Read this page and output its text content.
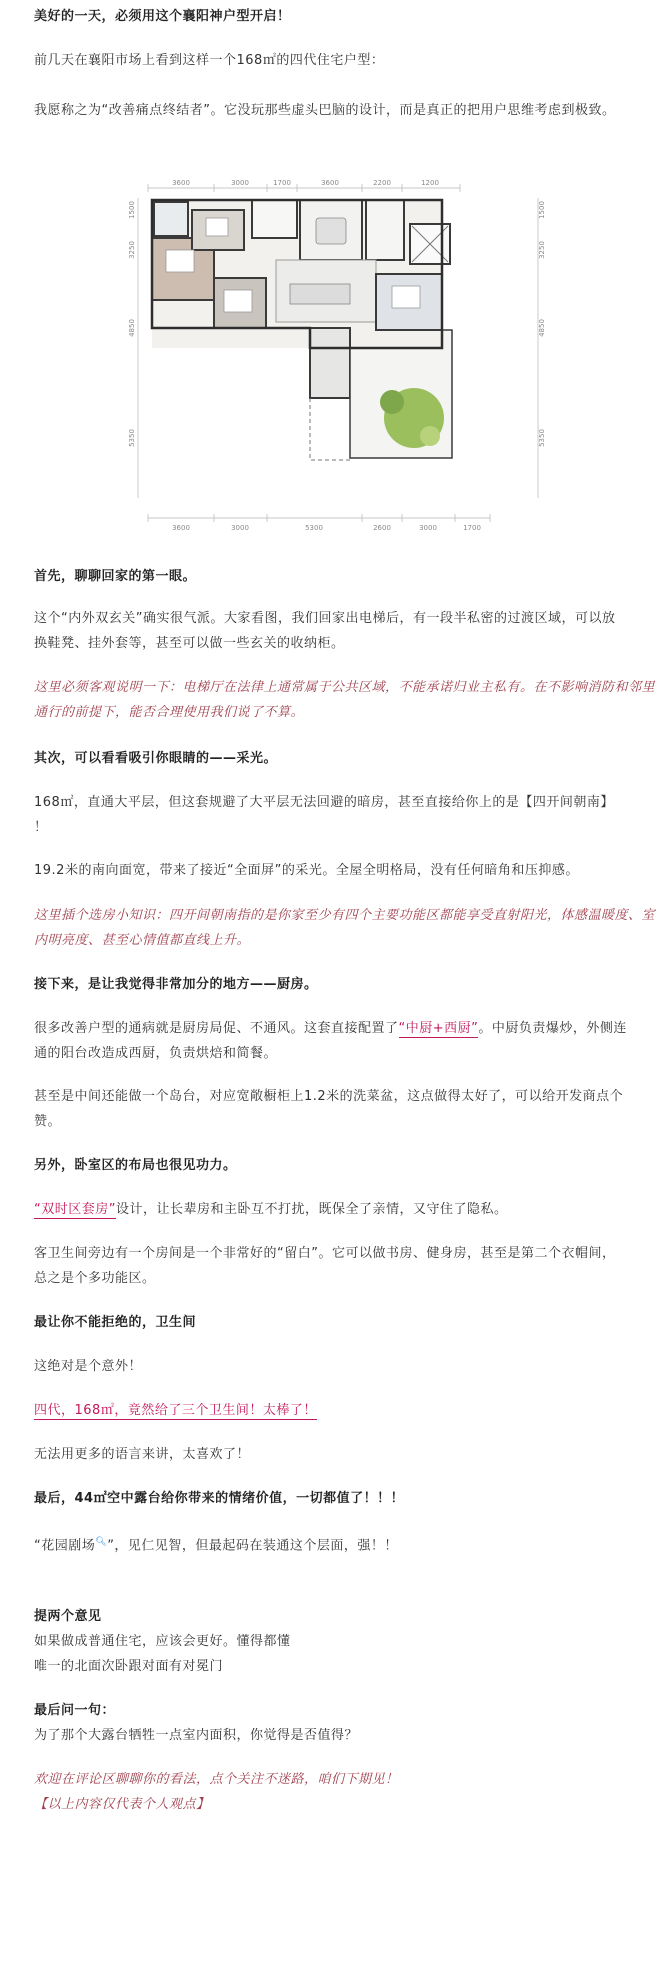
美好的一天，必须用这个襄阳神户型开启！
前几天在襄阳市场上看到这样一个168㎡的四代住宅户型：
我愿称之为“改善痛点终结者”。它没玩那些虚头巴脑的设计，而是真正的把用户思维考虑到极致。
3600	3000	1700	3600	2200	1200
3600	3000	5300	2600	3000	1700
1500
3250
4850
5350
1500
3250
4850
5350
首先，聊聊回家的第一眼。
这个“内外双玄关”确实很气派。大家看图，我们回家出电梯后，有一段半私密的过渡区域，可以放
换鞋凳、挂外套等，甚至可以做一些玄关的收纳柜。
这里必须客观说明一下：电梯厅在法律上通常属于公共区域，不能承诺归业主私有。在不影响消防和邻里
通行的前提下，能否合理使用我们说了不算。
其次，可以看看吸引你眼睛的——采光。
168㎡，直通大平层，但这套规避了大平层无法回避的暗房，甚至直接给你上的是【四开间朝南】
！
19.2米的南向面宽，带来了接近“全面屏”的采光。全屋全明格局，没有任何暗角和压抑感。
这里插个选房小知识：四开间朝南指的是你家至少有四个主要功能区都能享受直射阳光，体感温暖度、室
内明亮度、甚至心情值都直线上升。
接下来，是让我觉得非常加分的地方——厨房。
很多改善户型的通病就是厨房局促、不通风。这套直接配置了“中厨+西厨”。中厨负责爆炒，外侧连
通的阳台改造成西厨，负责烘焙和简餐。
甚至是中间还能做一个岛台，对应宽敞橱柜上1.2米的洗菜盆，这点做得太好了，可以给开发商点个
赞。
另外，卧室区的布局也很见功力。
“双时区套房”设计，让长辈房和主卧互不打扰，既保全了亲情，又守住了隐私。
客卫生间旁边有一个房间是一个非常好的“留白”。它可以做书房、健身房，甚至是第二个衣帽间，
总之是个多功能区。
最让你不能拒绝的，卫生间
这绝对是个意外！
四代，168㎡，竟然给了三个卫生间！太棒了！
无法用更多的语言来讲，太喜欢了！
最后，44㎡空中露台给你带来的情绪价值，一切都值了！！！
“花园剧场🔍︎”，见仁见智，但最起码在装通这个层面，强！！
提两个意见
如果做成普通住宅，应该会更好。懂得都懂
唯一的北面次卧跟对面有对冕门
最后问一句：
为了那个大露台牺牲一点室内面积，你觉得是否值得？
欢迎在评论区聊聊你的看法，点个关注不迷路，咱们下期见！
【以上内容仅代表个人观点】
